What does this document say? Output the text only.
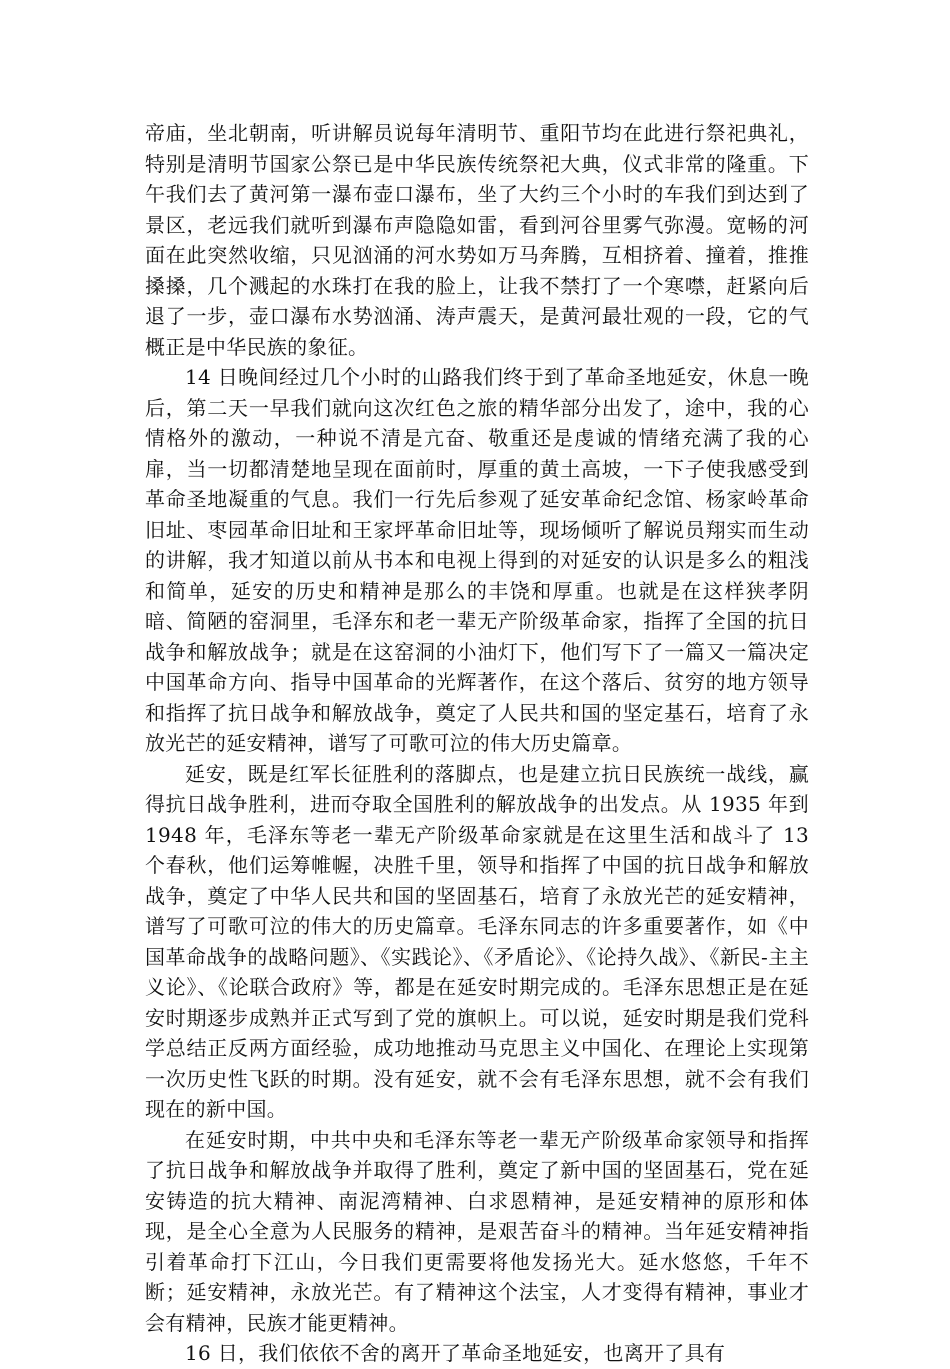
帝庙，坐北朝南，听讲解员说每年清明节、重阳节均在此进行祭祀典礼，特别是清明节国家公祭已是中华民族传统祭祀大典，仪式非常的隆重。下午我们去了黄河第一瀑布壶口瀑布，坐了大约三个小时的车我们到达到了景区，老远我们就听到瀑布声隐隐如雷，看到河谷里雾气弥漫。宽畅的河面在此突然收缩，只见汹涌的河水势如万马奔腾，互相挤着、撞着，推推搡搡，几个溅起的水珠打在我的脸上，让我不禁打了一个寒噤，赶紧向后退了一步，壶口瀑布水势汹涌、涛声震天，是黄河最壮观的一段，它的气概正是中华民族的象征。

14 日晚间经过几个小时的山路我们终于到了革命圣地延安，休息一晚后，第二天一早我们就向这次红色之旅的精华部分出发了，途中，我的心情格外的激动，一种说不清是亢奋、敬重还是虔诚的情绪充满了我的心扉，当一切都清楚地呈现在面前时，厚重的黄土高坡，一下子使我感受到革命圣地凝重的气息。我们一行先后参观了延安革命纪念馆、杨家岭革命旧址、枣园革命旧址和王家坪革命旧址等，现场倾听了解说员翔实而生动的讲解，我才知道以前从书本和电视上得到的对延安的认识是多么的粗浅和简单，延安的历史和精神是那么的丰饶和厚重。也就是在这样狭孝阴暗、简陋的窑洞里，毛泽东和老一辈无产阶级革命家，指挥了全国的抗日战争和解放战争；就是在这窑洞的小油灯下，他们写下了一篇又一篇决定中国革命方向、指导中国革命的光辉著作，在这个落后、贫穷的地方领导和指挥了抗日战争和解放战争，奠定了人民共和国的坚定基石，培育了永放光芒的延安精神，谱写了可歌可泣的伟大历史篇章。

延安，既是红军长征胜利的落脚点，也是建立抗日民族统一战线，赢得抗日战争胜利，进而夺取全国胜利的解放战争的出发点。从 1935 年到 1948 年，毛泽东等老一辈无产阶级革命家就是在这里生活和战斗了 13 个春秋，他们运筹帷幄，决胜千里，领导和指挥了中国的抗日战争和解放战争，奠定了中华人民共和国的坚固基石，培育了永放光芒的延安精神，谱写了可歌可泣的伟大的历史篇章。毛泽东同志的许多重要著作，如《中国革命战争的战略问题》、《实践论》、《矛盾论》、《论持久战》、《新民-主主义论》、《论联合政府》等，都是在延安时期完成的。毛泽东思想正是在延安时期逐步成熟并正式写到了党的旗帜上。可以说，延安时期是我们党科学总结正反两方面经验，成功地推动马克思主义中国化、在理论上实现第一次历史性飞跃的时期。没有延安，就不会有毛泽东思想，就不会有我们现在的新中国。

在延安时期，中共中央和毛泽东等老一辈无产阶级革命家领导和指挥了抗日战争和解放战争并取得了胜利，奠定了新中国的坚固基石，党在延安铸造的抗大精神、南泥湾精神、白求恩精神，是延安精神的原形和体现，是全心全意为人民服务的精神，是艰苦奋斗的精神。当年延安精神指引着革命打下江山，今日我们更需要将他发扬光大。延水悠悠，千年不断；延安精神，永放光芒。有了精神这个法宝，人才变得有精神，事业才会有精神，民族才能更精神。

16 日，我们依依不舍的离开了革命圣地延安，也离开了具有
